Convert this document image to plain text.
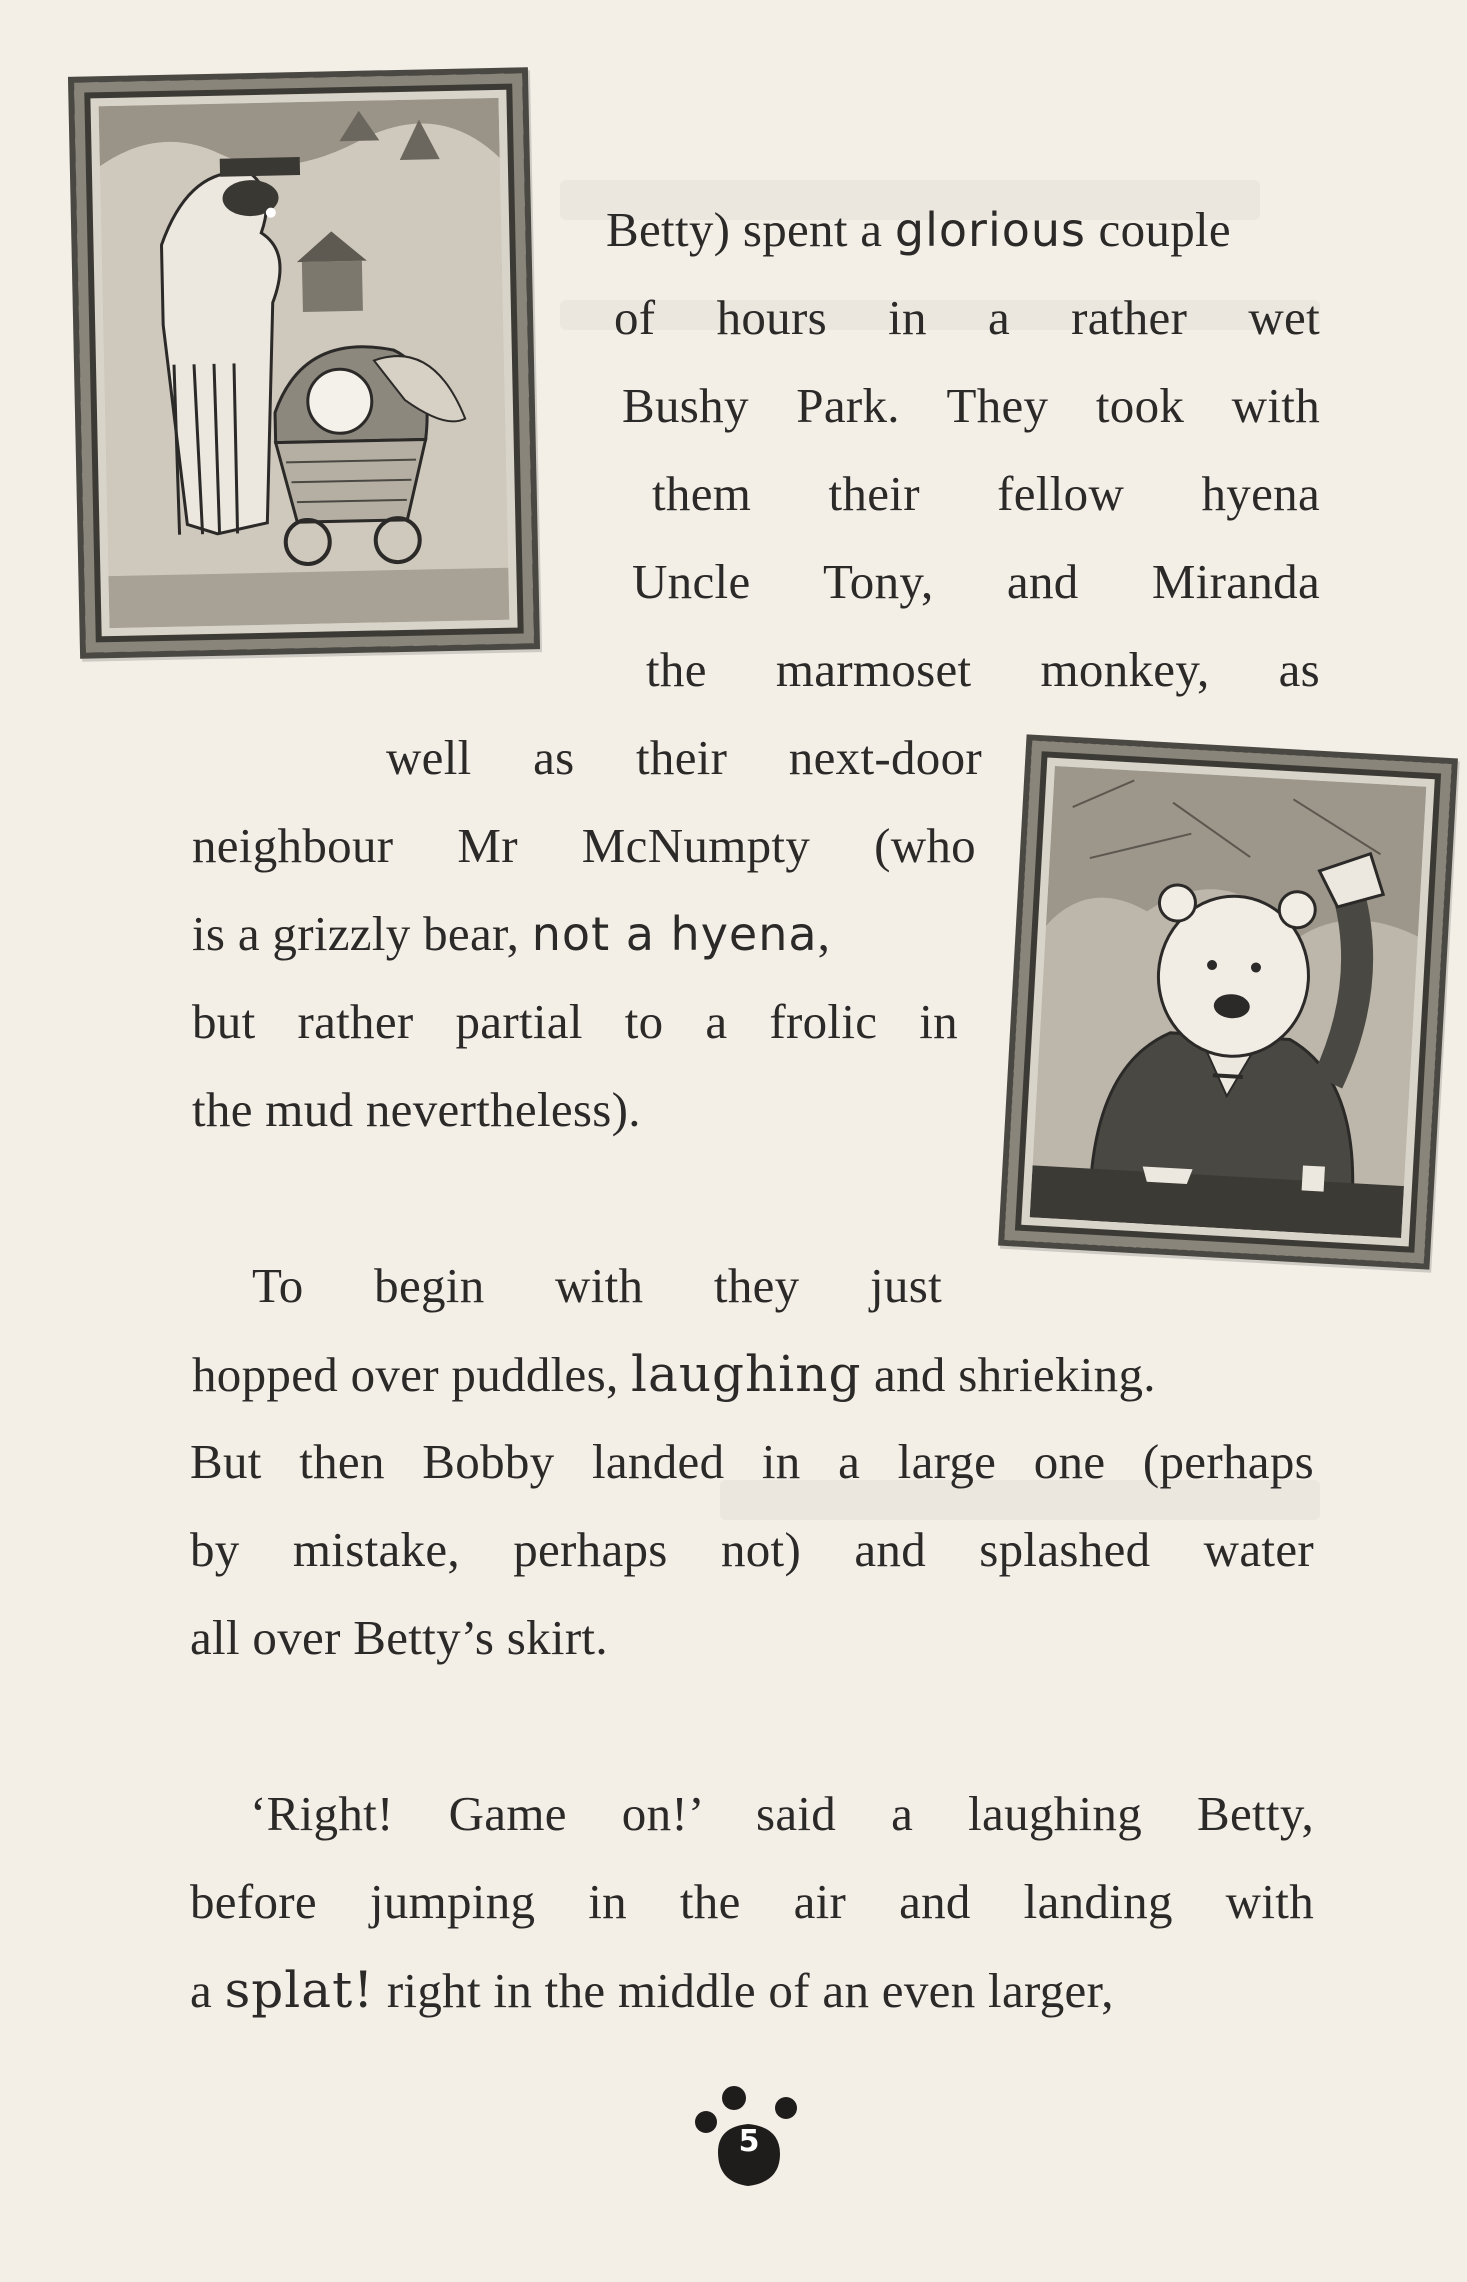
Betty) spent a glorious couple
of hours in a rather wet
Bushy Park. They took with
them their fellow hyena
Uncle Tony, and Miranda
the marmoset monkey, as
well as their next-door
neighbour Mr McNumpty (who
is a grizzly bear, not a hyena,
but rather partial to a frolic in
the mud nevertheless).
To begin with they just
hopped over puddles, laughing and shrieking.
But then Bobby landed in a large one (perhaps
by mistake, perhaps not) and splashed water
all over Betty’s skirt.
‘Right! Game on!’ said a laughing Betty,
before jumping in the air and landing with
a splat! right in the middle of an even larger,
5
